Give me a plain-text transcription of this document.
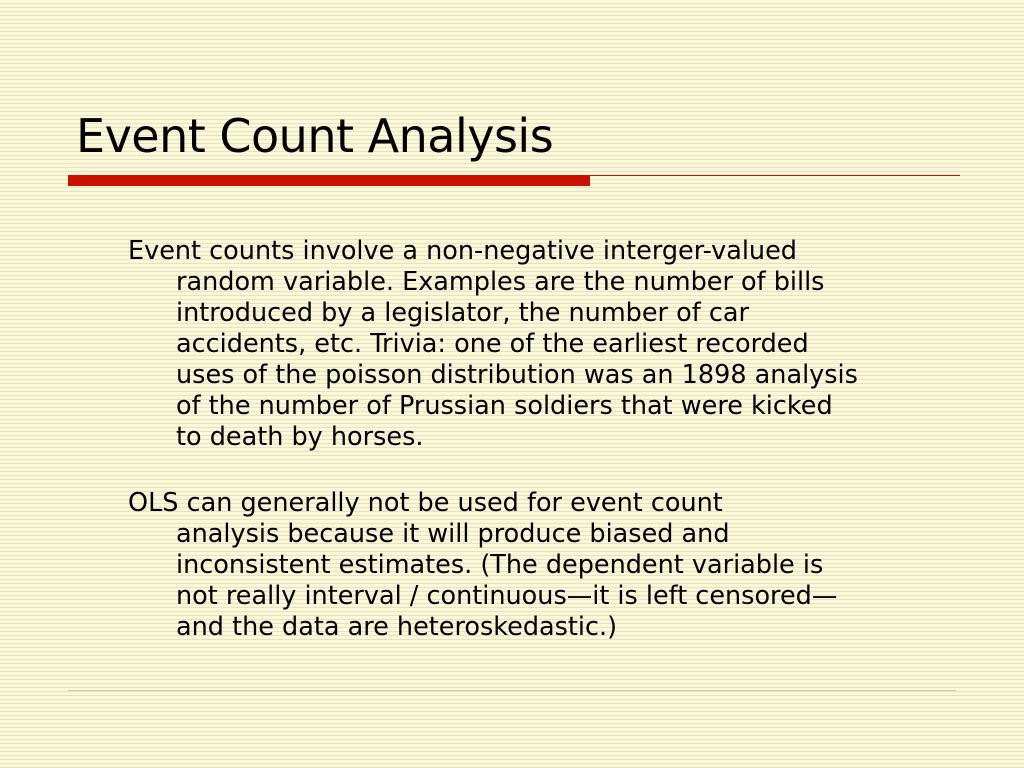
Event Count Analysis

Event counts involve a non-negative interger-valued
random variable. Examples are the number of bills
introduced by a legislator, the number of car
accidents, etc. Trivia: one of the earliest recorded
uses of the poisson distribution was an 1898 analysis
of the number of Prussian soldiers that were kicked
to death by horses.

OLS can generally not be used for event count
analysis because it will produce biased and
inconsistent estimates. (The dependent variable is
not really interval / continuous—it is left censored—
and the data are heteroskedastic.)
